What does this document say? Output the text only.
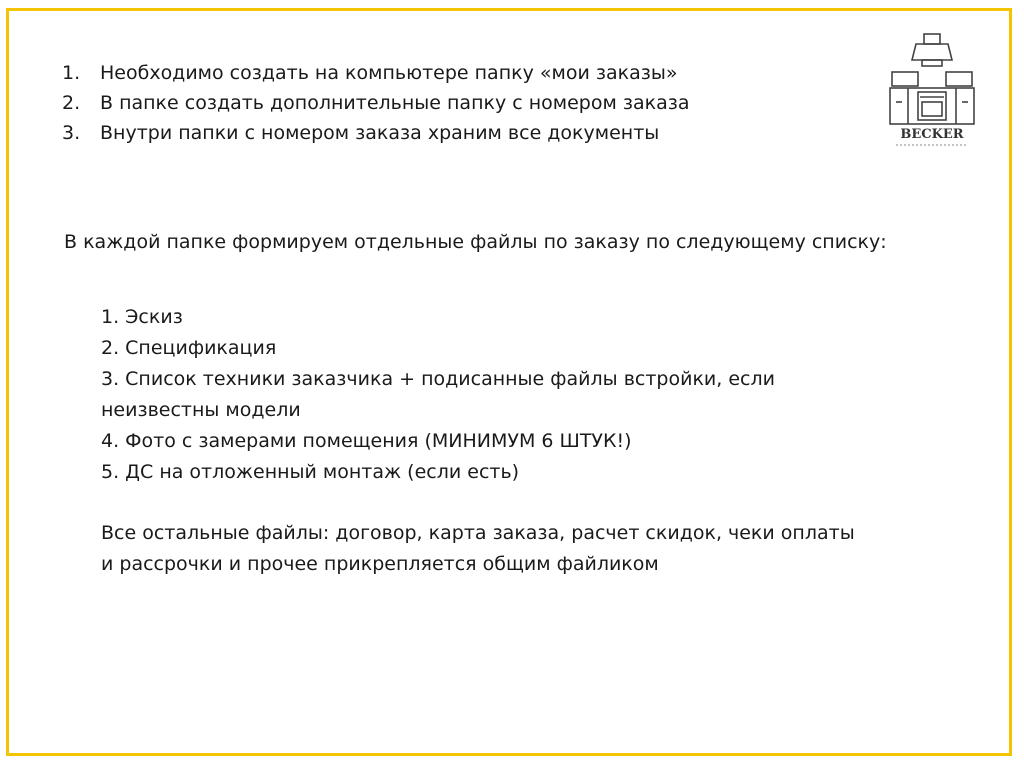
1.	Необходимо создать на компьютере папку «мои заказы»
2.	В папке создать дополнительные папку с номером заказа
3.	Внутри папки с номером заказа храним все документы
В каждой папке формируем отдельные файлы по заказу по следующему списку:
1. Эскиз
2. Спецификация
3. Список техники заказчика + подисанные файлы встройки, если неизвестны модели
4. Фото с замерами помещения (МИНИМУМ 6 ШТУК!)
5. ДС на отложенный монтаж (если есть)
Все остальные файлы: договор, карта заказа, расчет скидок, чеки оплаты и рассрочки и прочее прикрепляется общим файликом
BECKER
